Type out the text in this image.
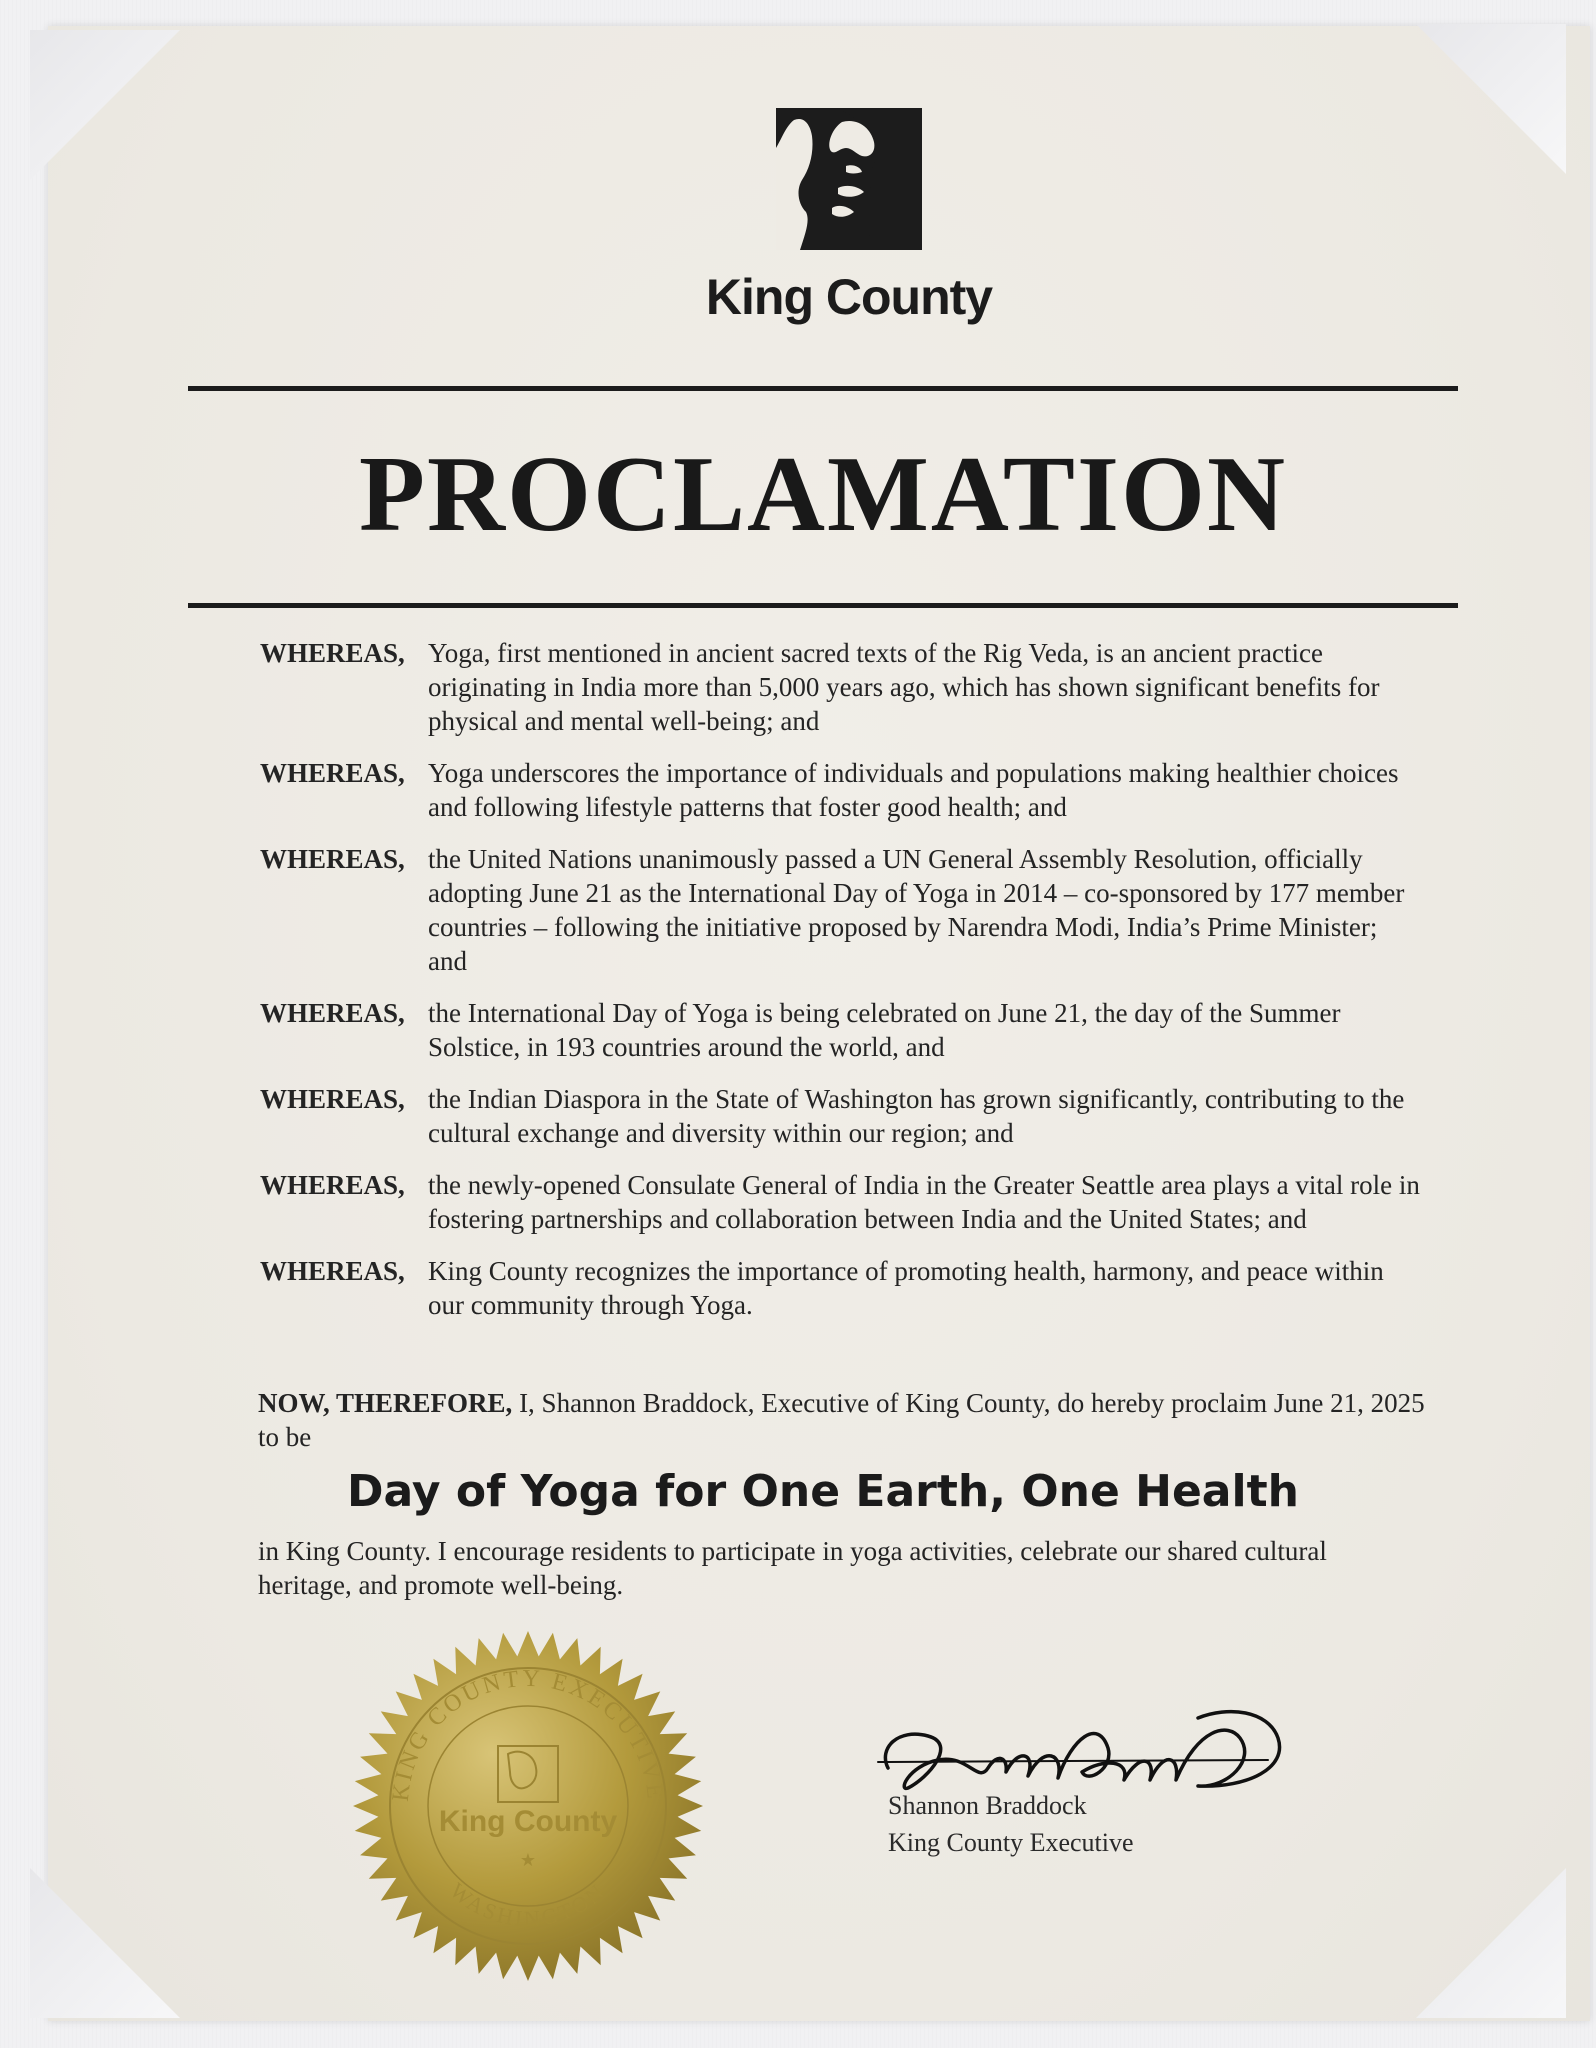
King County
PROCLAMATION
WHEREAS, Yoga, first mentioned in ancient sacred texts of the Rig Veda, is an ancient practice originating in India more than 5,000 years ago, which has shown significant benefits for physical and mental well-being; and
WHEREAS, Yoga underscores the importance of individuals and populations making healthier choices and following lifestyle patterns that foster good health; and
WHEREAS, the United Nations unanimously passed a UN General Assembly Resolution, officially adopting June 21 as the International Day of Yoga in 2014 – co-sponsored by 177 member countries – following the initiative proposed by Narendra Modi, India’s Prime Minister; and
WHEREAS, the International Day of Yoga is being celebrated on June 21, the day of the Summer Solstice, in 193 countries around the world, and
WHEREAS, the Indian Diaspora in the State of Washington has grown significantly, contributing to the cultural exchange and diversity within our region; and
WHEREAS, the newly-opened Consulate General of India in the Greater Seattle area plays a vital role in fostering partnerships and collaboration between India and the United States; and
WHEREAS, King County recognizes the importance of promoting health, harmony, and peace within our community through Yoga.
NOW, THEREFORE, I, Shannon Braddock, Executive of King County, do hereby proclaim June 21, 2025 to be
Day of Yoga for One Earth, One Health
in King County. I encourage residents to participate in yoga activities, celebrate our shared cultural heritage, and promote well-being.
KING COUNTY EXECUTIVE
WASHINGTON
King County
★
Shannon Braddock
King County Executive
